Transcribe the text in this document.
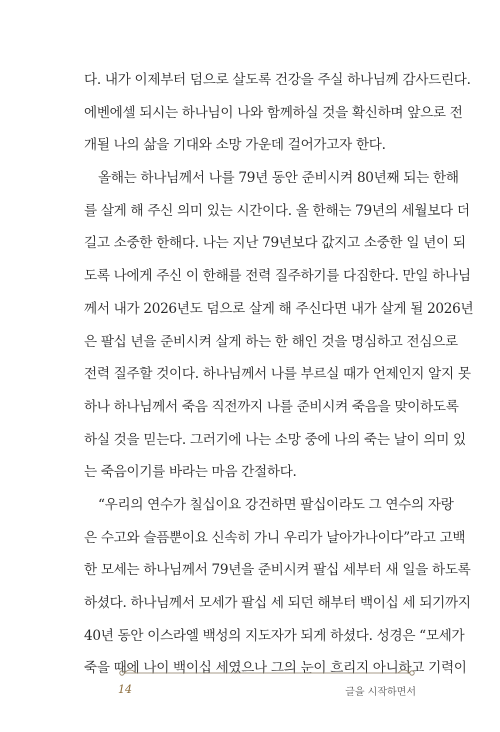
다. 내가 이제부터 덤으로 살도록 건강을 주실 하나님께 감사드린다.
에벤에셀 되시는 하나님이 나와 함께하실 것을 확신하며 앞으로 전
개될 나의 삶을 기대와 소망 가운데 걸어가고자 한다.
올해는 하나님께서 나를 79년 동안 준비시켜 80년째 되는 한해
를 살게 해 주신 의미 있는 시간이다. 올 한해는 79년의 세월보다 더
길고 소중한 한해다. 나는 지난 79년보다 값지고 소중한 일 년이 되
도록 나에게 주신 이 한해를 전력 질주하기를 다짐한다. 만일 하나님
께서 내가 2026년도 덤으로 살게 해 주신다면 내가 살게 될 2026년
은 팔십 년을 준비시켜 살게 하는 한 해인 것을 명심하고 전심으로
전력 질주할 것이다. 하나님께서 나를 부르실 때가 언제인지 알지 못
하나 하나님께서 죽음 직전까지 나를 준비시켜 죽음을 맞이하도록
하실 것을 믿는다. 그러기에 나는 소망 중에 나의 죽는 날이 의미 있
는 죽음이기를 바라는 마음 간절하다.
“우리의 연수가 칠십이요 강건하면 팔십이라도 그 연수의 자랑
은 수고와 슬픔뿐이요 신속히 가니 우리가 날아가나이다”라고 고백
한 모세는 하나님께서 79년을 준비시켜 팔십 세부터 새 일을 하도록
하셨다. 하나님께서 모세가 팔십 세 되던 해부터 백이십 세 되기까지
40년 동안 이스라엘 백성의 지도자가 되게 하셨다. 성경은 “모세가
죽을 때에 나이 백이십 세였으나 그의 눈이 흐리지 아니하고 기력이
14	글을 시작하면서
